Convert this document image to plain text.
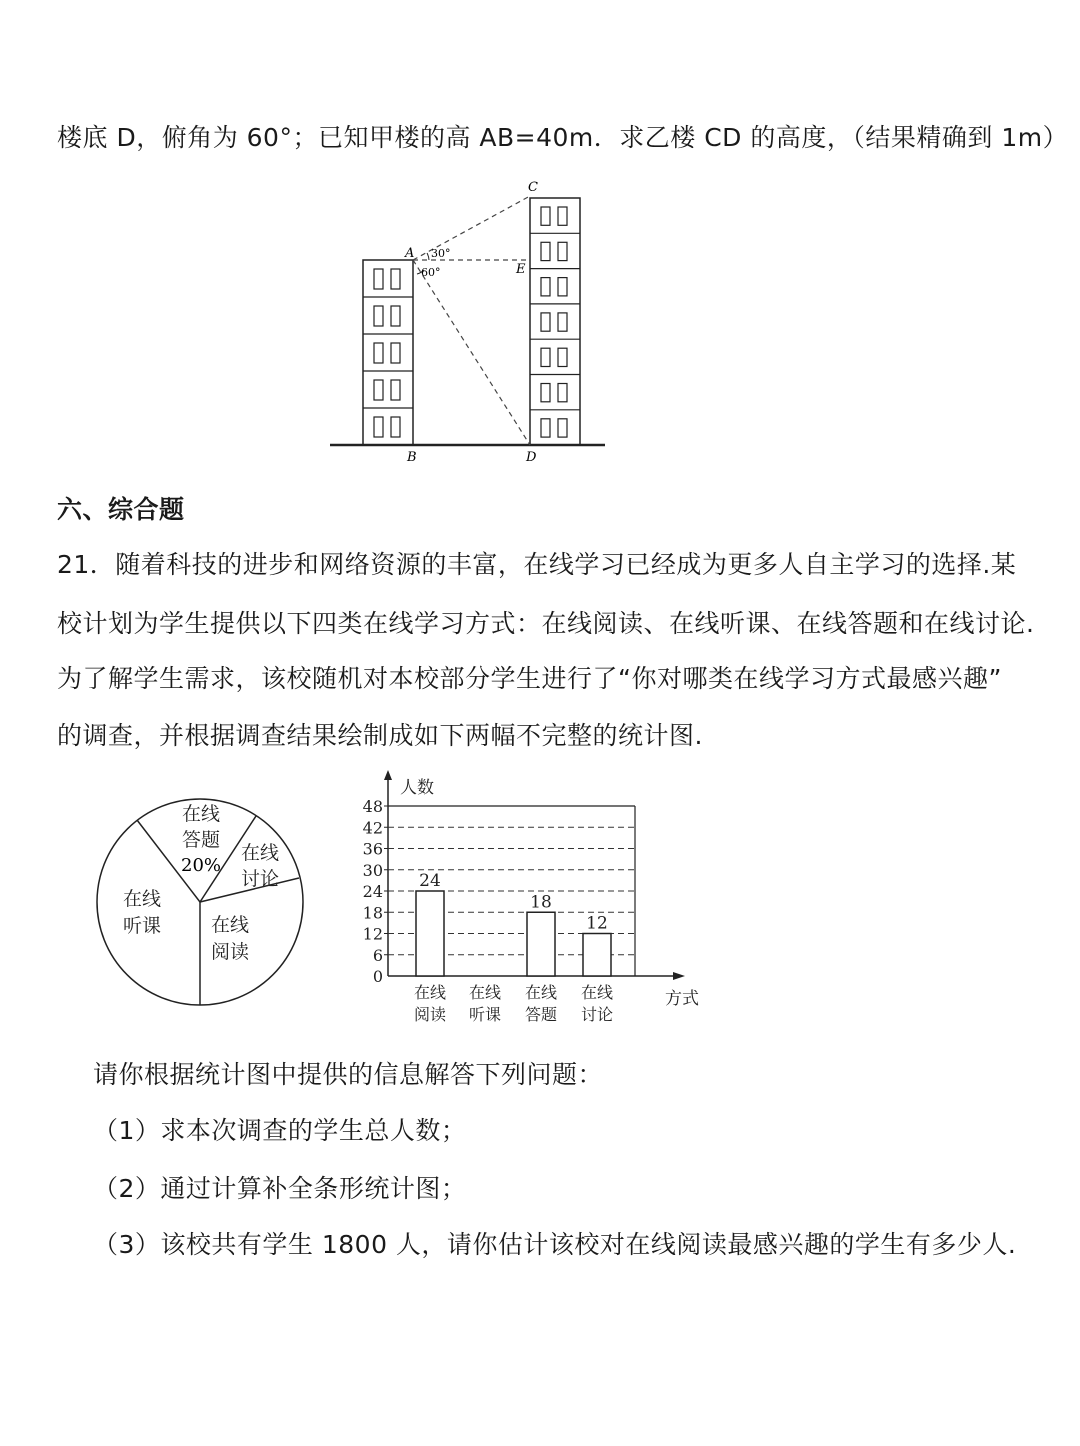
楼底 D，俯角为 60°；已知甲楼的高 AB=40m．求乙楼 CD 的高度，（结果精确到 1m）
C
A
E
B	D
30°
60°
六、综合题
21．随着科技的进步和网络资源的丰富，在线学习已经成为更多人自主学习的选择.某
校计划为学生提供以下四类在线学习方式：在线阅读、在线听课、在线答题和在线讨论.
为了解学生需求，该校随机对本校部分学生进行了“你对哪类在线学习方式最感兴趣”
的调查，并根据调查结果绘制成如下两幅不完整的统计图.
在线
答题
20%
在线
讨论
在线
阅读
在线
听课
人数
方式
0
6
12
18
24
30
36
42
48
24
18
12
在线
阅读
在线
听课
在线
答题
在线
讨论
请你根据统计图中提供的信息解答下列问题：
（1）求本次调查的学生总人数；
（2）通过计算补全条形统计图；
（3）该校共有学生 1800 人，请你估计该校对在线阅读最感兴趣的学生有多少人.
